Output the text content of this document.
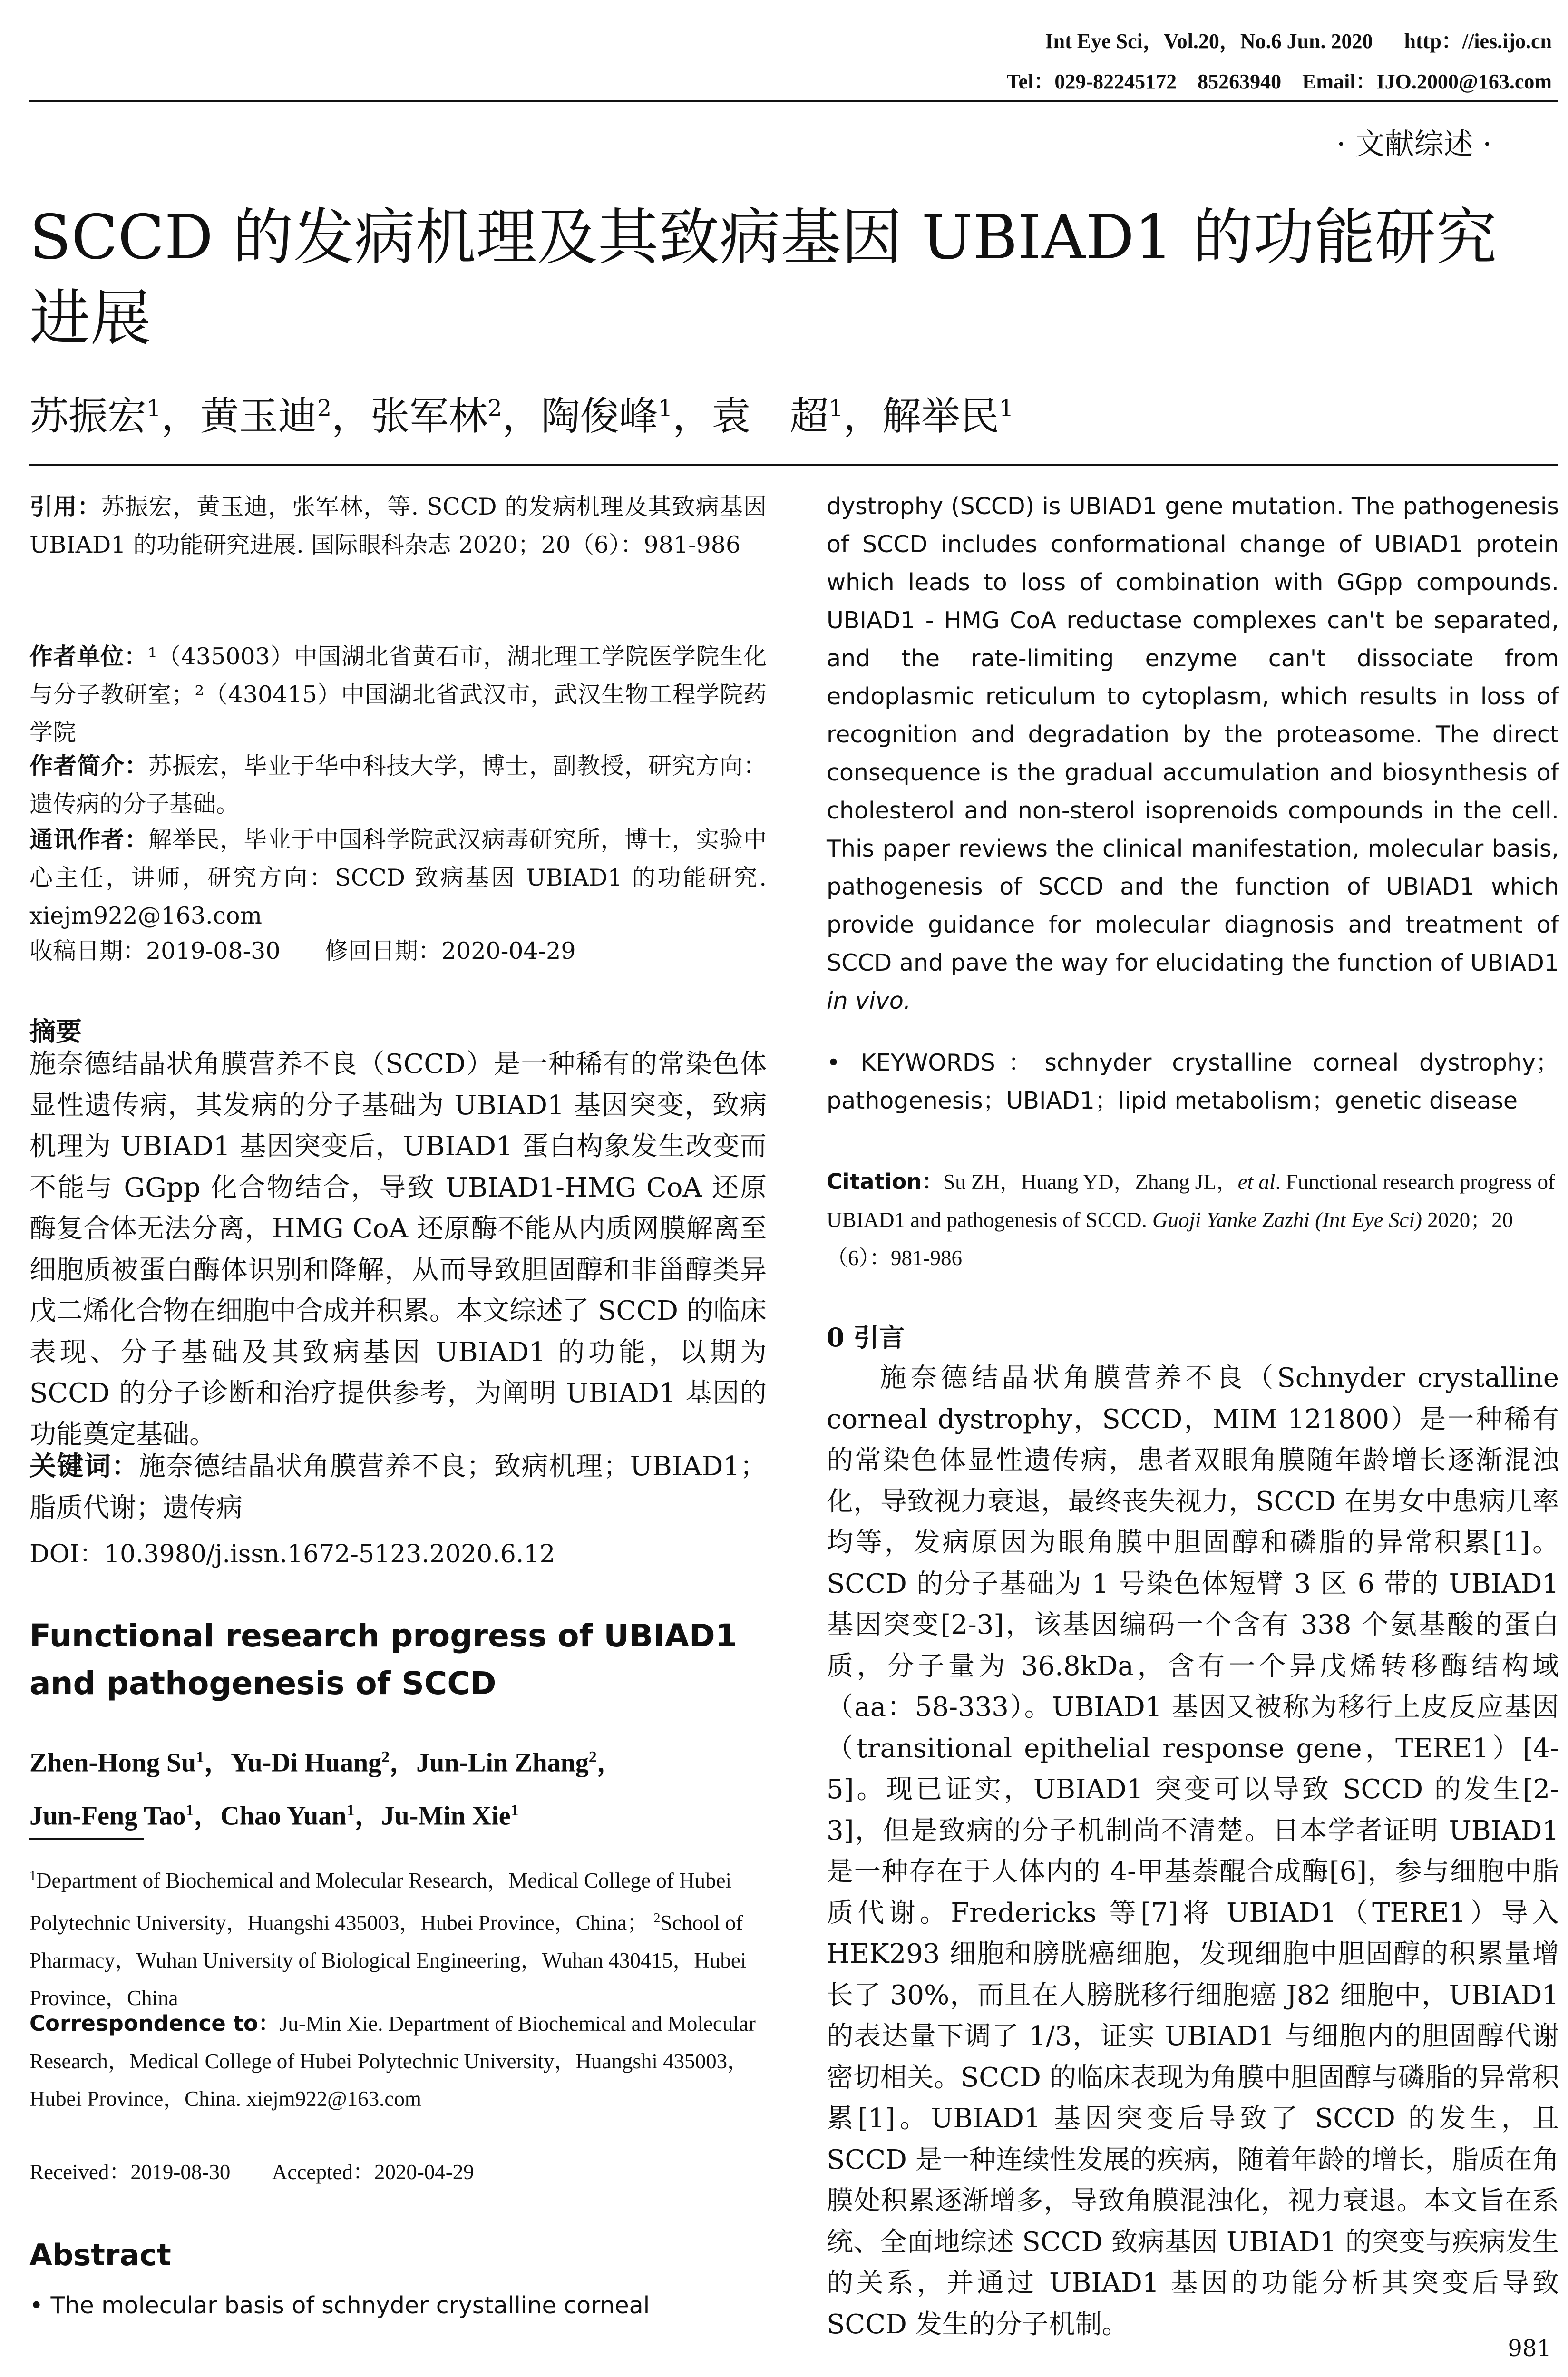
Int Eye Sci，Vol.20，No.6 Jun. 2020      http：//ies.ijo.cn
Tel：029-82245172    85263940    Email：IJO.2000@163.com
· 文献综述 ·
SCCD 的发病机理及其致病基因 UBIAD1 的功能研究进展
苏振宏$^1$，黄玉迪$^2$，张军林$^2$，陶俊峰$^1$，袁　超$^1$，解举民$^1$

引用：苏振宏，黄玉迪，张军林，等. SCCD 的发病机理及其致病基因 UBIAD1 的功能研究进展. 国际眼科杂志 2020；20（6）：981-986

作者单位：¹（435003）中国湖北省黄石市，湖北理工学院医学院生化与分子教研室；²（430415）中国湖北省武汉市，武汉生物工程学院药学院

作者简介：苏振宏，毕业于华中科技大学，博士，副教授，研究方向：遗传病的分子基础。

通讯作者：解举民，毕业于中国科学院武汉病毒研究所，博士，实验中心主任，讲师，研究方向：SCCD 致病基因 UBIAD1 的功能研究. xiejm922@163.com

收稿日期：2019-08-30 修回日期：2020-04-29

摘要

施奈德结晶状角膜营养不良（SCCD）是一种稀有的常染色体显性遗传病，其发病的分子基础为 UBIAD1 基因突变，致病机理为 UBIAD1 基因突变后，UBIAD1 蛋白构象发生改变而不能与 GGpp 化合物结合，导致 UBIAD1-HMG CoA 还原酶复合体无法分离，HMG CoA 还原酶不能从内质网膜解离至细胞质被蛋白酶体识别和降解，从而导致胆固醇和非甾醇类异戊二烯化合物在细胞中合成并积累。本文综述了 SCCD 的临床表现、分子基础及其致病基因 UBIAD1 的功能，以期为 SCCD 的分子诊断和治疗提供参考，为阐明 UBIAD1 基因的功能奠定基础。

关键词：施奈德结晶状角膜营养不良；致病机理；UBIAD1；脂质代谢；遗传病

DOI：10.3980/j.issn.1672-5123.2020.6.12
Functional research progress of UBIAD1 and pathogenesis of SCCD
Zhen-Hong Su$^1$，Yu-Di Huang$^2$，Jun-Lin Zhang$^2$，
Jun-Feng Tao$^1$，Chao Yuan$^1$，Ju-Min Xie$^1$

$^1$Department of Biochemical and Molecular Research，Medical College of Hubei Polytechnic University，Huangshi 435003，Hubei Province，China； $^2$School of Pharmacy，Wuhan University of Biological Engineering，Wuhan 430415，Hubei Province，China

Correspondence to：Ju-Min Xie. Department of Biochemical and Molecular Research，Medical College of Hubei Polytechnic University，Huangshi 435003，Hubei Province，China. xiejm922@163.com

Received：2019-08-30 Accepted：2020-04-29

Abstract

• The molecular basis of schnyder crystalline corneal

dystrophy (SCCD) is UBIAD1 gene mutation. The pathogenesis of SCCD includes conformational change of UBIAD1 protein which leads to loss of combination with GGpp compounds. UBIAD1 - HMG CoA reductase complexes can't be separated, and the rate-limiting enzyme can't dissociate from endoplasmic reticulum to cytoplasm, which results in loss of recognition and degradation by the proteasome. The direct consequence is the gradual accumulation and biosynthesis of cholesterol and non-sterol isoprenoids compounds in the cell. This paper reviews the clinical manifestation, molecular basis, pathogenesis of SCCD and the function of UBIAD1 which provide guidance for molecular diagnosis and treatment of SCCD and pave the way for elucidating the function of UBIAD1 in vivo.

• KEYWORDS：schnyder crystalline corneal dystrophy；pathogenesis；UBIAD1；lipid metabolism；genetic disease

Citation：Su ZH，Huang YD，Zhang JL，et al. Functional research progress of UBIAD1 and pathogenesis of SCCD. Guoji Yanke Zazhi (Int Eye Sci) 2020；20（6）：981-986

0 引言

施奈德结晶状角膜营养不良（Schnyder crystalline corneal dystrophy，SCCD，MIM 121800）是一种稀有的常染色体显性遗传病，患者双眼角膜随年龄增长逐渐混浊化，导致视力衰退，最终丧失视力，SCCD 在男女中患病几率均等，发病原因为眼角膜中胆固醇和磷脂的异常积累[1]。SCCD 的分子基础为 1 号染色体短臂 3 区 6 带的 UBIAD1 基因突变[2-3]，该基因编码一个含有 338 个氨基酸的蛋白质，分子量为 36.8kDa，含有一个异戊烯转移酶结构域（aa：58-333）。UBIAD1 基因又被称为移行上皮反应基因（transitional epithelial response gene，TERE1）[4-5]。现已证实，UBIAD1 突变可以导致 SCCD 的发生[2-3]，但是致病的分子机制尚不清楚。日本学者证明 UBIAD1 是一种存在于人体内的 4-甲基萘醌合成酶[6]，参与细胞中脂质代谢。Fredericks 等[7]将 UBIAD1（TERE1）导入 HEK293 细胞和膀胱癌细胞，发现细胞中胆固醇的积累量增长了 30%，而且在人膀胱移行细胞癌 J82 细胞中，UBIAD1 的表达量下调了 1/3，证实 UBIAD1 与细胞内的胆固醇代谢密切相关。SCCD 的临床表现为角膜中胆固醇与磷脂的异常积累[1]。UBIAD1 基因突变后导致了 SCCD 的发生，且 SCCD 是一种连续性发展的疾病，随着年龄的增长，脂质在角膜处积累逐渐增多，导致角膜混浊化，视力衰退。本文旨在系统、全面地综述 SCCD 致病基因 UBIAD1 的突变与疾病发生的关系，并通过 UBIAD1 基因的功能分析其突变后导致 SCCD 发生的分子机制。

981
